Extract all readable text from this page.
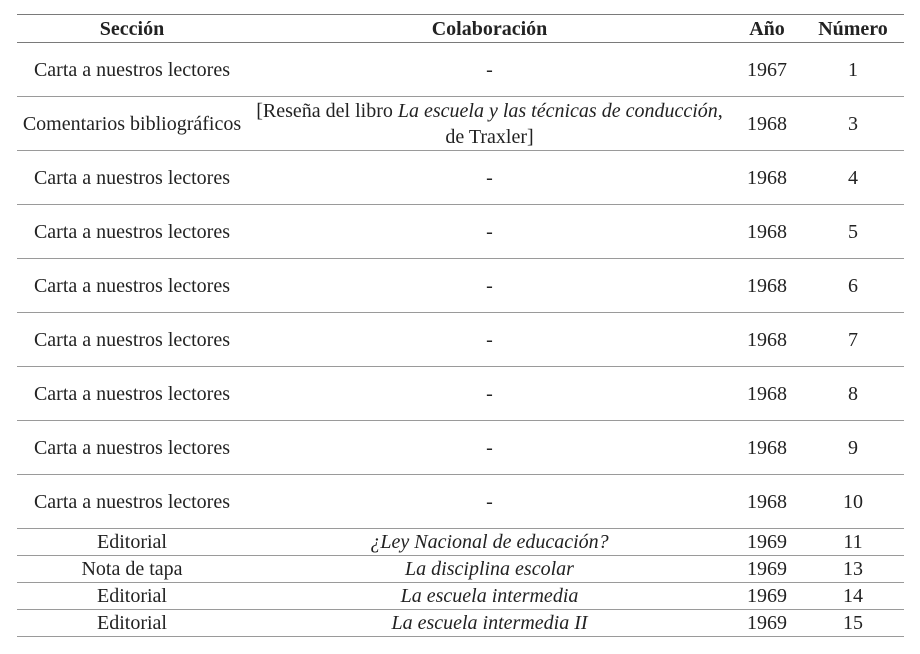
Sección	Colaboración	Año	Número
Carta a nuestros lectores	-	1967	1
Comentarios bibliográficos	[Reseña del libro La escuela y las técnicas de conducción, de Traxler]	1968	3
Carta a nuestros lectores	-	1968	4
Carta a nuestros lectores	-	1968	5
Carta a nuestros lectores	-	1968	6
Carta a nuestros lectores	-	1968	7
Carta a nuestros lectores	-	1968	8
Carta a nuestros lectores	-	1968	9
Carta a nuestros lectores	-	1968	10
Editorial	¿Ley Nacional de educación?	1969	11
Nota de tapa	La disciplina escolar	1969	13
Editorial	La escuela intermedia	1969	14
Editorial	La escuela intermedia II	1969	15
